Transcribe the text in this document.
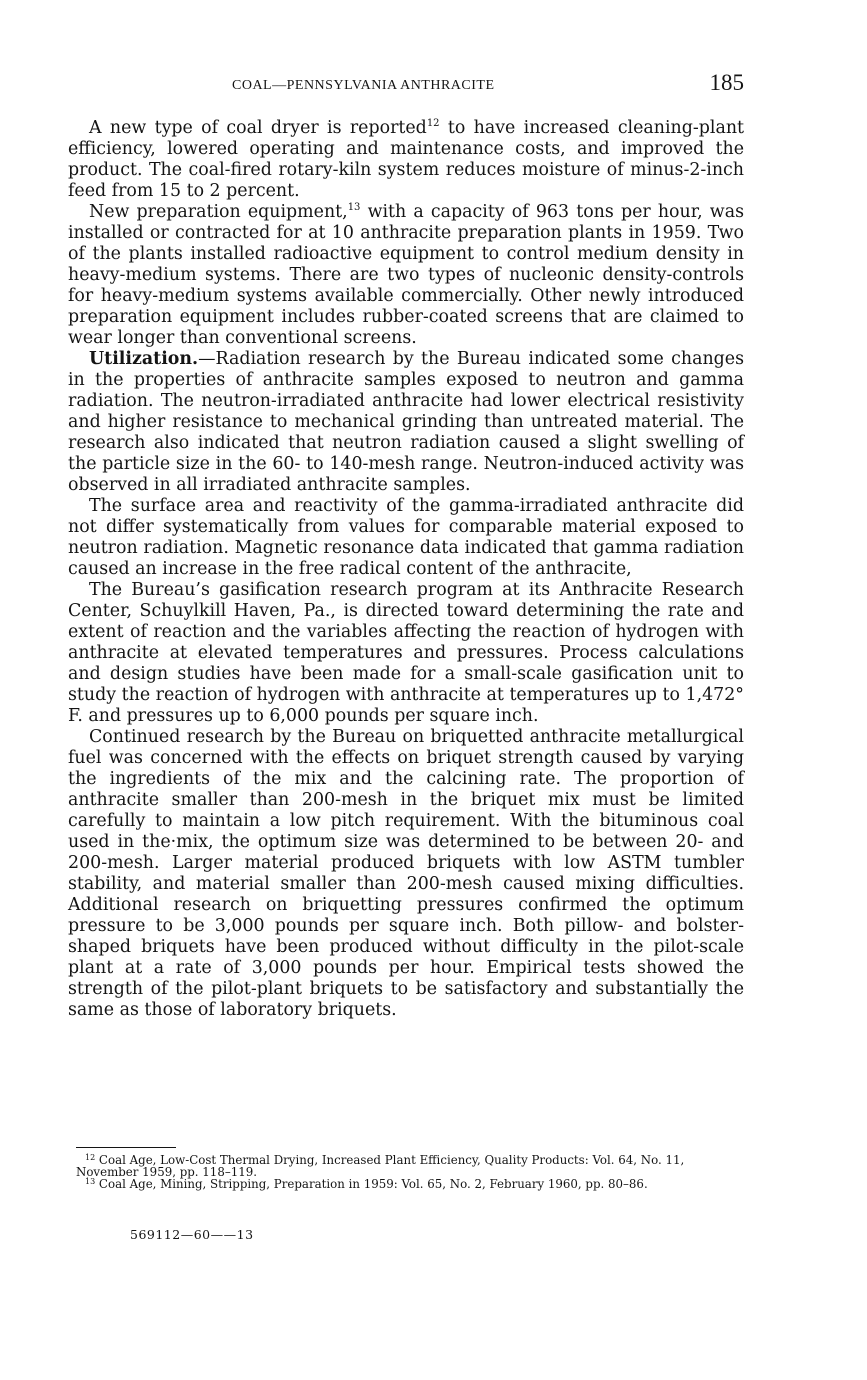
COAL—PENNSYLVANIA ANTHRACITE	185

A new type of coal dryer is reported$^{12}$ to have increased cleaning-plant efficiency, lowered operating and maintenance costs, and improved the product. The coal-fired rotary-kiln system reduces moisture of minus-2-inch feed from 15 to 2 percent.

New preparation equipment,$^{13}$ with a capacity of 963 tons per hour, was installed or contracted for at 10 anthracite preparation plants in 1959. Two of the plants installed radioactive equipment to control medium density in heavy-medium systems. There are two types of nucleonic density-controls for heavy-medium systems available commercially. Other newly introduced preparation equipment includes rubber-coated screens that are claimed to wear longer than conventional screens.

Utilization.—Radiation research by the Bureau indicated some changes in the properties of anthracite samples exposed to neutron and gamma radiation. The neutron-irradiated anthracite had lower electrical resistivity and higher resistance to mechanical grinding than untreated material. The research also indicated that neutron radiation caused a slight swelling of the particle size in the 60- to 140-mesh range. Neutron-induced activity was observed in all irradiated anthracite samples.

The surface area and reactivity of the gamma-irradiated anthracite did not differ systematically from values for comparable material exposed to neutron radiation. Magnetic resonance data indicated that gamma radiation caused an increase in the free radical content of the anthracite,

The Bureau’s gasification research program at its Anthracite Research Center, Schuylkill Haven, Pa., is directed toward determining the rate and extent of reaction and the variables affecting the reaction of hydrogen with anthracite at elevated temperatures and pressures. Process calculations and design studies have been made for a small-scale gasification unit to study the reaction of hydrogen with anthracite at temperatures up to 1,472° F. and pressures up to 6,000 pounds per square inch.

Continued research by the Bureau on briquetted anthracite metallurgical fuel was concerned with the effects on briquet strength caused by varying the ingredients of the mix and the calcining rate. The proportion of anthracite smaller than 200-mesh in the briquet mix must be limited carefully to maintain a low pitch requirement. With the bituminous coal used in the·mix, the optimum size was determined to be between 20- and 200-mesh. Larger material produced briquets with low ASTM tumbler stability, and material smaller than 200-mesh caused mixing difficulties. Additional research on briquetting pressures confirmed the optimum pressure to be 3,000 pounds per square inch. Both pillow- and bolster-shaped briquets have been produced without difficulty in the pilot-scale plant at a rate of 3,000 pounds per hour. Empirical tests showed the strength of the pilot-plant briquets to be satisfactory and substantially the same as those of laboratory briquets.

$^{12}$ Coal Age, Low-Cost Thermal Drying, Increased Plant Efficiency, Quality Products: Vol. 64, No. 11, November 1959, pp. 118–119.

$^{13}$ Coal Age, Mining, Stripping, Preparation in 1959: Vol. 65, No. 2, February 1960, pp. 80–86.

569112—60——13
